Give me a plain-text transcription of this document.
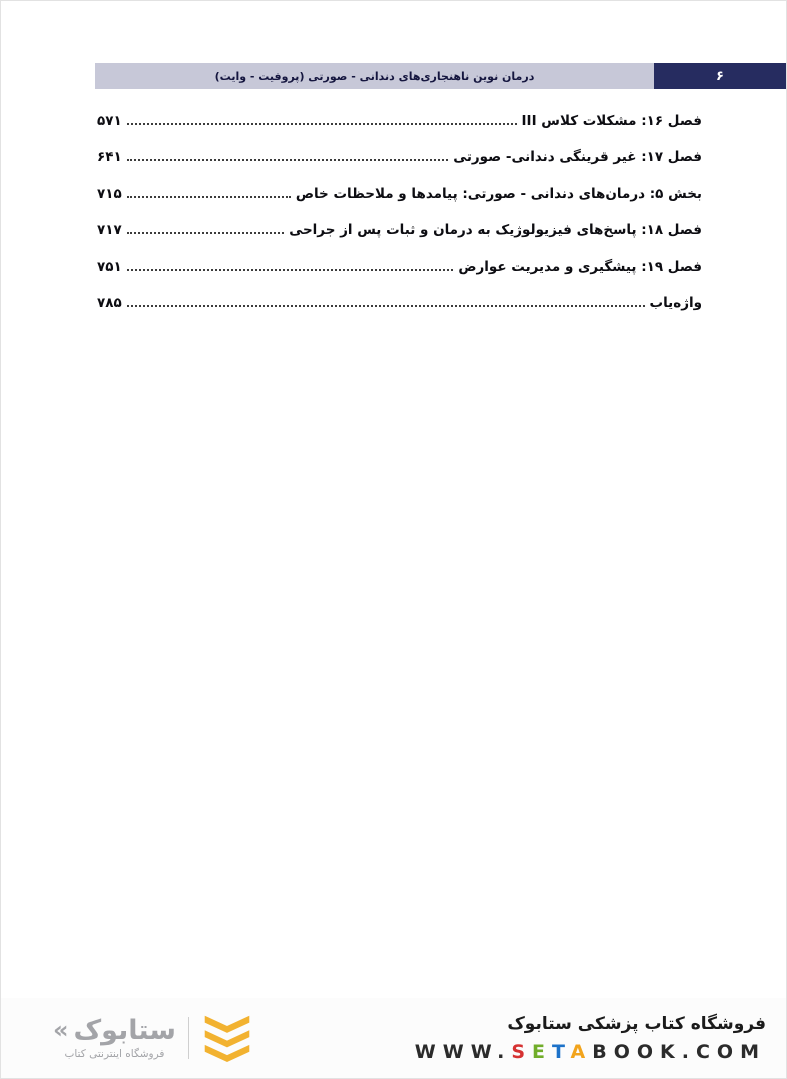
درمان نوین ناهنجاری‌های دندانی - صورتی (پروفیت - وایت)	۶
فصل ۱۶: مشکلات کلاس III
۵۷۱
فصل ۱۷: غیر قرینگی دندانی- صورتی
۶۴۱
بخش ۵: درمان‌های دندانی - صورتی: پیامدها و ملاحظات خاص
۷۱۵
فصل ۱۸: پاسخ‌های فیزیولوژیک به درمان و ثبات پس از جراحی
۷۱۷
فصل ۱۹: پیشگیری و مدیریت عوارض
۷۵۱
واژه‌یاب
۷۸۵
« ستابوک
فروشگاه اینترنتی کتاب
فروشگاه کتاب پزشکی ستابوک
WWW.SETABOOK.COM
